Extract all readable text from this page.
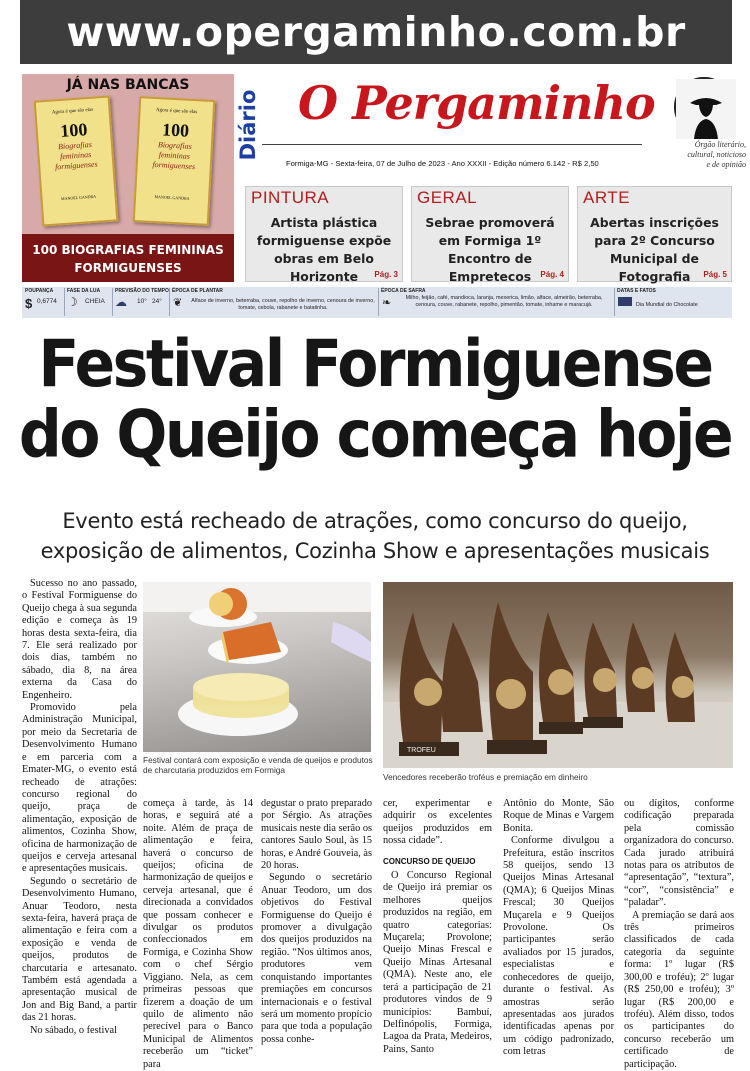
www.opergaminho.com.br
JÁ NAS BANCAS
Agora é que são elas
100
Biografias
femininas
formiguenses
MANOEL GANDRA
Agora é que são elas
100
Biografias
femininas
formiguenses
MANOEL GANDRA
100 BIOGRAFIAS FEMININAS
FORMIGUENSES
Diário O Pergaminho
Formiga-MG - Sexta-feira, 07 de Julho de 2023 - Ano XXXII - Edição número 6.142 - R$ 2,50
Órgão literário,
cultural, noticioso
e de opinião
PINTURA
Artista plástica formiguense expõe obras em Belo Horizonte	Pág. 3
GERAL
Sebrae promoverá em Formiga 1º Encontro de Empretecos	Pág. 4
ARTE
Abertas inscrições para 2º Concurso Municipal de Fotografia	Pág. 5
POUPANÇA
$ 0,6774
FASE DA LUA
☽ CHEIA
PREVISÃO DO TEMPO
☁ 10° 24°
ÉPOCA DE PLANTAR
❦ Alface de inverno, beterraba, couve, repolho de inverno, cenoura de inverno, tomate, cebola, rabanete e batatinha.
ÉPOCA DE SAFRA
❧	Milho, feijão, café, mandioca, laranja, mexerica, limão, alface, almeirão, beterraba, cenoura, couve, rabanete, repolho, pimentão, tomate, inhame e maracujá.
DATAS E FATOS
Dia Mundial do Chocolate
Festival Formiguense
do Queijo começa hoje
Evento está recheado de atrações, como concurso do queijo,
exposição de alimentos, Cozinha Show e apresentações musicais
Festival contará com exposição e venda de queijos e produtos de charcutaria produzidos em Formiga
TROFEU
Vencedores receberão troféus e premiação em dinheiro

Sucesso no ano passado, o Festival Formiguense do Queijo chega à sua segunda edição e começa às 19 horas desta sexta-feira, dia 7. Ele será realizado por dois dias, também no sábado, dia 8, na área externa da Casa do Engenheiro.

Promovido pela Administração Municipal, por meio da Secretaria de Desenvolvimento Humano e em parceria com a Emater-MG, o evento está recheado de atrações: concurso regional do queijo, praça de alimentação, exposição de alimentos, Cozinha Show, oficina de harmonização de queijos e cerveja artesanal e apresentações musicais.

Segundo o secretário de Desenvolvimento Humano, Anuar Teodoro, nesta sexta-feira, haverá praça de alimentação e feira com a exposição e venda de queijos, produtos de charcutaria e artesanato. Também está agendada a apresentação musical de Jon and Big Band, a partir das 21 horas.

No sábado, o festival

começa à tarde, às 14 horas, e seguirá até a noite. Além de praça de alimentação e feira, haverá o concurso de queijos; oficina de harmonização de queijos e cerveja artesanal, que é direcionada a convidados que possam conhecer e divulgar os produtos confeccionados em Formiga, e Cozinha Show com o chef Sérgio Viggiano. Nela, as cem primeiras pessoas que fizerem a doação de um quilo de alimento não perecível para o Banco Municipal de Alimentos receberão um “ticket” para

degustar o prato preparado por Sérgio. As atrações musicais neste dia serão os cantores Saulo Soul, às 15 horas, e André Gouveia, às 20 horas.

Segundo o secretário Anuar Teodoro, um dos objetivos do Festival Formiguense do Queijo é promover a divulgação dos queijos produzidos na região. “Nos últimos anos, produtores vem conquistando importantes premiações em concursos internacionais e o festival será um momento propício para que toda a população possa conhe-

cer, experimentar e adquirir os excelentes queijos produzidos em nossa cidade”.

CONCURSO DE QUEIJO

O Concurso Regional de Queijo irá premiar os melhores queijos produzidos na região, em quatro categorias: Muçarela; Provolone; Queijo Minas Frescal e Queijo Minas Artesanal (QMA). Neste ano, ele terá a participação de 21 produtores vindos de 9 municípios: Bambuí, Delfinópolis, Formiga, Lagoa da Prata, Medeiros, Pains, Santo

Antônio do Monte, São Roque de Minas e Vargem Bonita.

Conforme divulgou a Prefeitura, estão inscritos 58 queijos, sendo 13 Queijos Minas Artesanal (QMA); 6 Queijos Minas Frescal; 30 Queijos Muçarela e 9 Queijos Provolone. Os participantes serão avaliados por 15 jurados, especialistas e conhecedores de queijo, durante o festival. As amostras serão apresentadas aos jurados identificadas apenas por um código padronizado, com letras

ou dígitos, conforme codificação preparada pela comissão organizadora do concurso. Cada jurado atribuirá notas para os atributos de “apresentação”, “textura”, “cor”, “consistência” e “paladar”.

A premiação se dará aos três primeiros classificados de cada categoria da seguinte forma: 1º lugar (R$ 300,00 e troféu); 2º lugar (R$ 250,00 e troféu); 3º lugar (R$ 200,00 e troféu). Além disso, todos os participantes do concurso receberão um certificado de participação.
